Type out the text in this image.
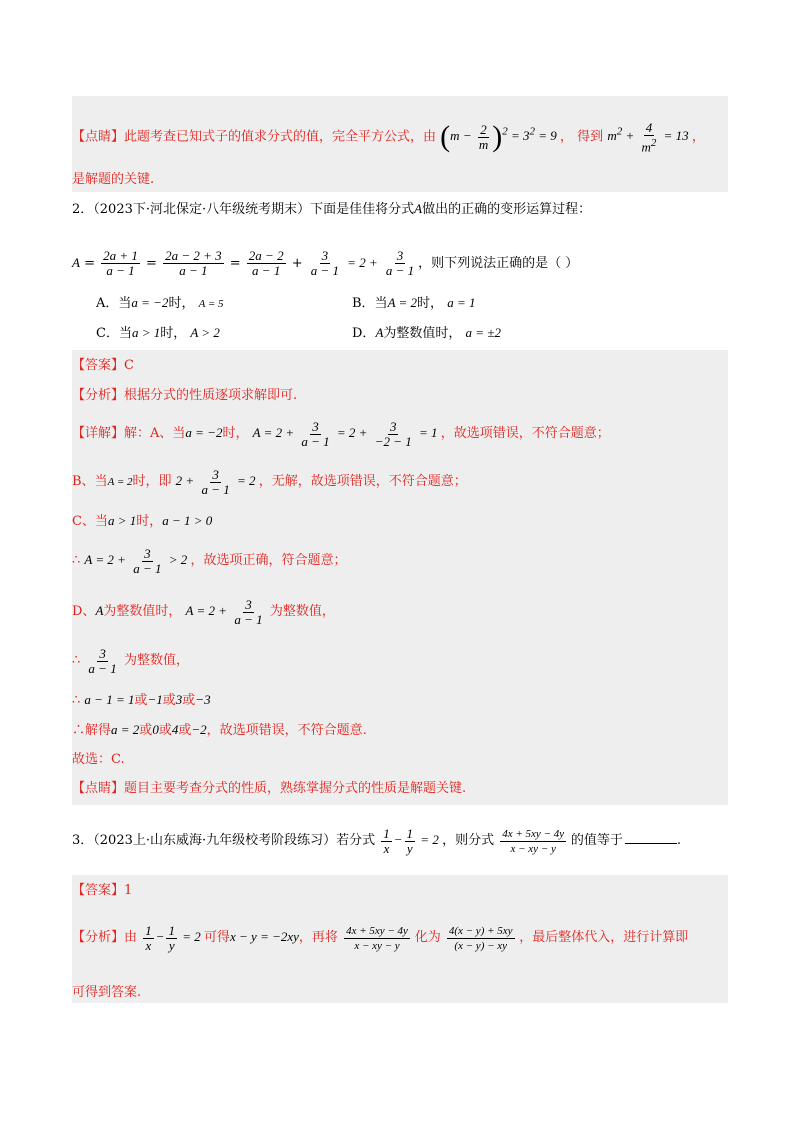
【点睛】此题考查已知式子的值求分式的值，完全平方公式，由 $(m - \frac{2}{m} )^2 = 3^2 = 9$ ， 得到 $m^2 + \frac{4}{m^2} = 13$ ，
是解题的关键.
2．（2023下·河北保定·八年级统考期末）下面是佳佳将分式A做出的正确的变形运算过程：
$A = \frac{2a + 1}{a - 1} = \frac{2a - 2 + 3}{a - 1} = \frac{2a - 2}{a - 1} + \frac{3}{a - 1} = 2 + \frac{3}{a - 1}$ ，则下列说法正确的是（ ）
A．当a = −2时， A = 5	B．当A = 2时， a = 1
C．当a > 1时， A > 2	D．A为整数值时， a = ±2
【答案】C
【分析】根据分式的性质逐项求解即可.
【详解】解：A、当a = −2时， $A = 2 + \frac{3}{a - 1} = 2 + \frac{3}{-2 - 1} = 1$ ，故选项错误，不符合题意；
B、当A = 2时，即 $2 + \frac{3}{a - 1} = 2$ ，无解，故选项错误，不符合题意；
C、当a > 1时，a − 1 > 0
∴ $A = 2 + \frac{3}{a - 1} > 2$ ，故选项正确，符合题意；
D、A为整数值时， $A = 2 + \frac{3}{a - 1}$ 为整数值，
∴ $\frac{3}{a - 1}$ 为整数值，
∴ a − 1 = 1或−1或3或−3
∴解得a = 2或0或4或−2，故选项错误，不符合题意.
故选：C.
【点睛】题目主要考查分式的性质，熟练掌握分式的性质是解题关键.
3．（2023上·山东威海·九年级校考阶段练习）若分式 $\frac{1}{x} - \frac{1}{y} = 2$ ，则分式 $\frac{4x + 5xy - 4y}{x - xy - y}$ 的值等于	.
【答案】1
【分析】由 $\frac{1}{x} - \frac{1}{y} = 2$ 可得x − y = −2xy，再将 $\frac{4x + 5xy - 4y}{x - xy - y}$ 化为 $\frac{4(x - y) + 5xy}{(x - y) - xy}$ ，最后整体代入，进行计算即
可得到答案.
